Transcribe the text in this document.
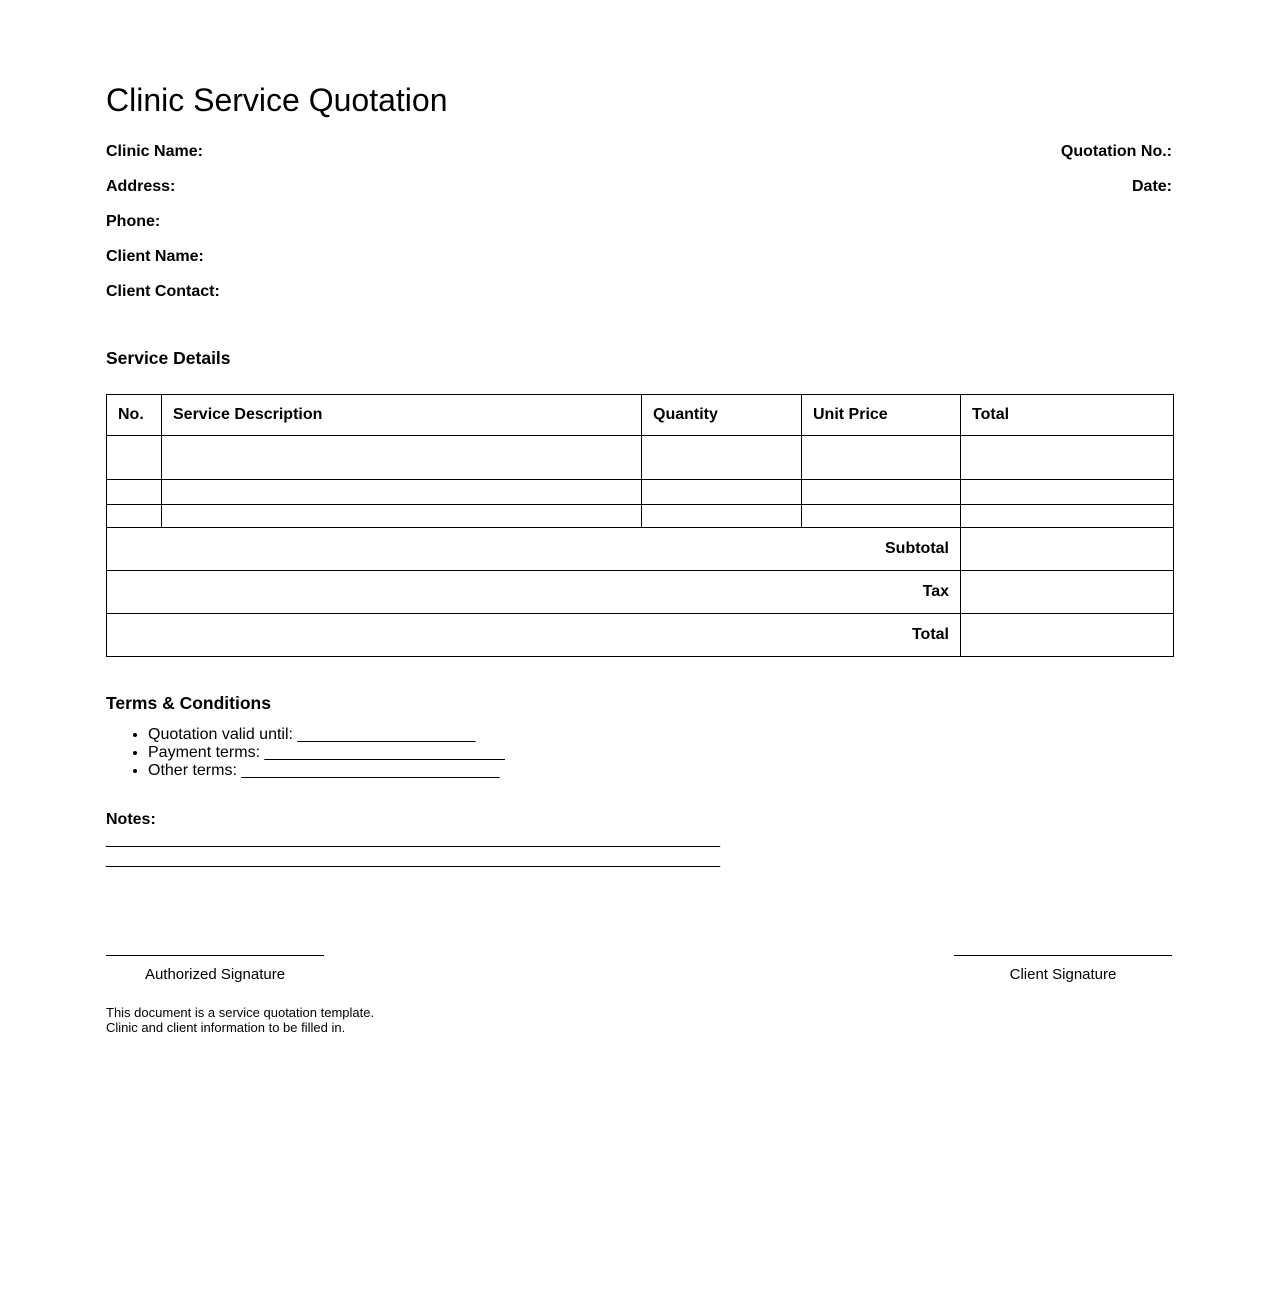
Clinic Service Quotation

Clinic Name:

Address:

Phone:

Client Name:

Client Contact:

Quotation No.:

Date:

Service Details
No.	Service Description	Quantity	Unit Price	Total

Subtotal				
Tax				
Total				
Terms & Conditions
• Quotation valid until: ____________________
• Payment terms: ___________________________
• Other terms: _____________________________

Notes:

_____________________________________________________________________
_____________________________________________________________________
Authorized Signature	Client Signature
This document is a service quotation template.
Clinic and client information to be filled in.
